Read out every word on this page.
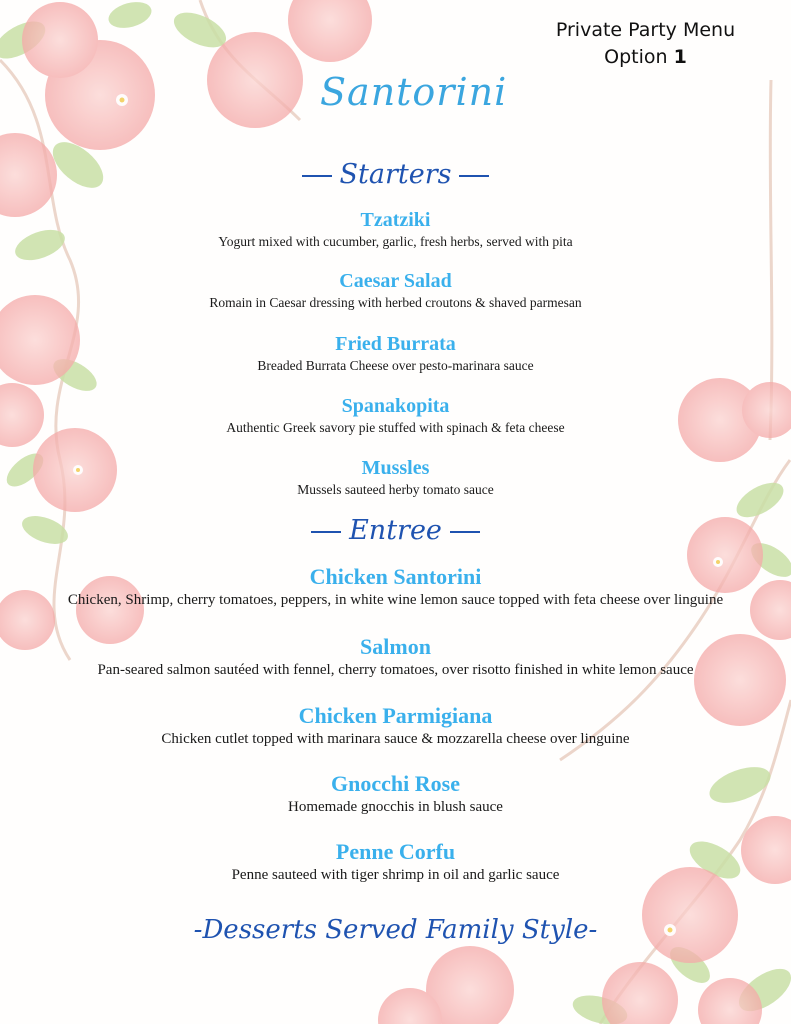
Private Party Menu
Option 1
Santorini
Starters
Tzatziki
Yogurt mixed with cucumber, garlic, fresh herbs, served with pita
Caesar Salad
Romain in Caesar dressing with herbed croutons & shaved parmesan
Fried Burrata
Breaded Burrata Cheese over pesto-marinara sauce
Spanakopita
Authentic Greek savory pie stuffed with spinach & feta cheese
Mussles
Mussels sauteed herby tomato sauce
Entree
Chicken Santorini
Chicken, Shrimp, cherry tomatoes, peppers, in white wine lemon sauce topped with feta cheese over linguine
Salmon
Pan-seared salmon sautéed with fennel, cherry tomatoes, over risotto finished in white lemon sauce
Chicken Parmigiana
Chicken cutlet topped with marinara sauce & mozzarella cheese over linguine
Gnocchi Rose
Homemade gnocchis in blush sauce
Penne Corfu
Penne sauteed with tiger shrimp in oil and garlic sauce
-Desserts Served Family Style-
